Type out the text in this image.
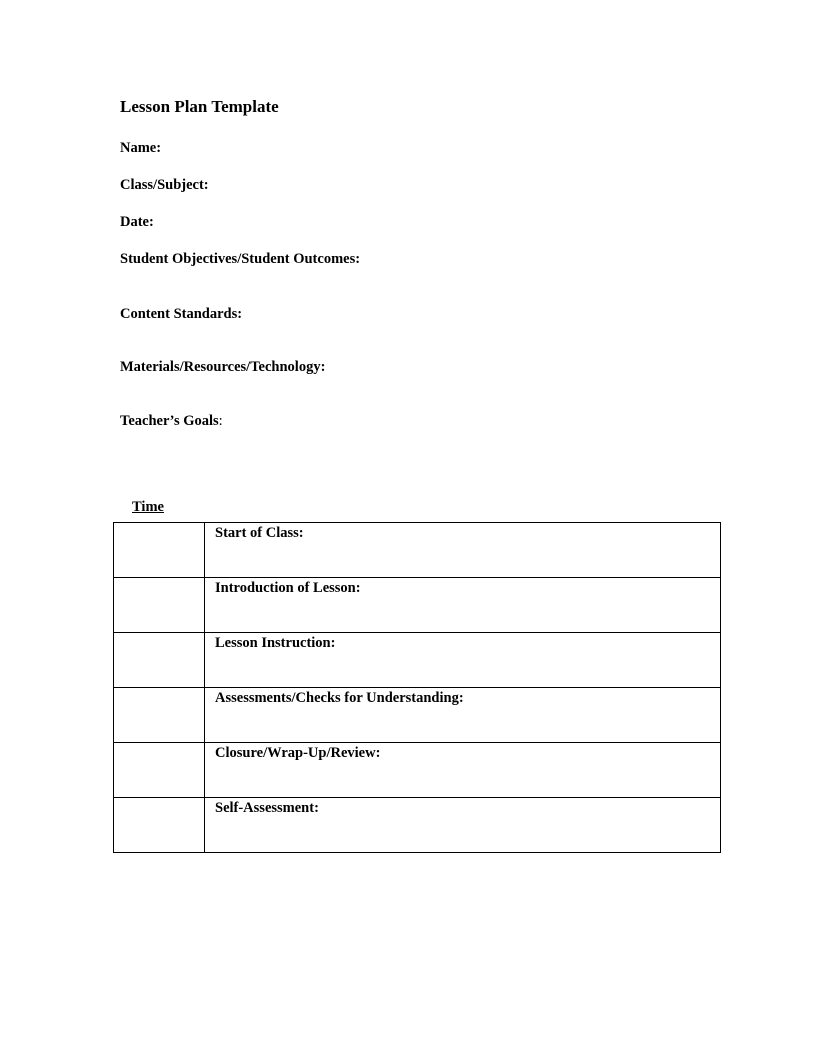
Lesson Plan Template
Name:
Class/Subject:
Date:
Student Objectives/Student Outcomes:
Content Standards:
Materials/Resources/Technology:
Teacher’s Goals:
Time
	Start of Class:
	Introduction of Lesson:
	Lesson Instruction:
	Assessments/Checks for Understanding:
	Closure/Wrap-Up/Review:
	Self-Assessment:
